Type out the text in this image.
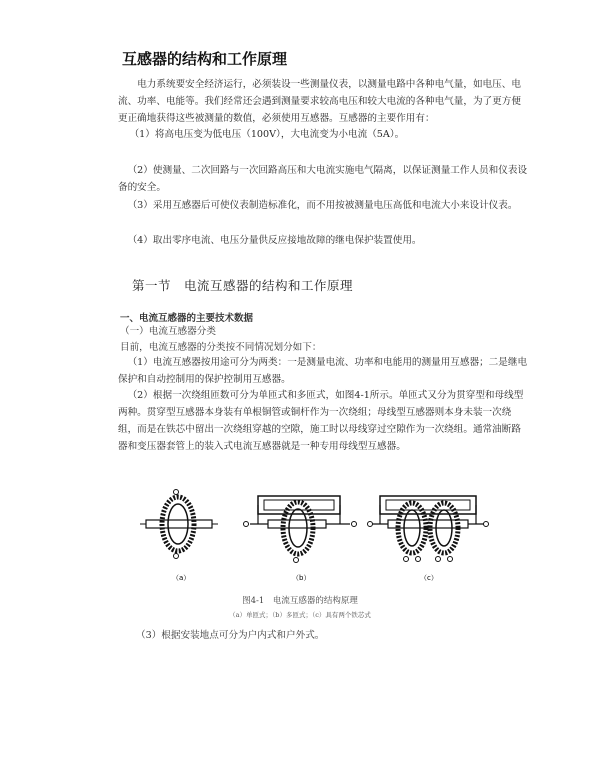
互感器的结构和工作原理
电力系统要安全经济运行，必须装设一些测量仪表，以测量电路中各种电气量，如电压、电流、功率、电能等。我们经常还会遇到测量要求较高电压和较大电流的各种电气量，为了更方便更正确地获得这些被测量的数值，必须使用互感器。互感器的主要作用有：
（1）将高电压变为低电压（100V），大电流变为小电流（5A）。
（2）使测量、二次回路与一次回路高压和大电流实施电气隔离，以保证测量工作人员和仪表设备的安全。
（3）采用互感器后可使仪表制造标准化，而不用按被测量电压高低和电流大小来设计仪表。
（4）取出零序电流、电压分量供反应接地故障的继电保护装置使用。
第一节　电流互感器的结构和工作原理
一、电流互感器的主要技术数据
（一）电流互感器分类
目前，电流互感器的分类按不同情况划分如下：
（1）电流互感器按用途可分为两类：一是测量电流、功率和电能用的测量用互感器；二是继电保护和自动控制用的保护控制用互感器。
（2）根据一次绕组匝数可分为单匝式和多匝式，如图4-1所示。单匝式又分为贯穿型和母线型两种。贯穿型互感器本身装有单根铜管或铜杆作为一次绕组；母线型互感器则本身未装一次绕组，而是在铁芯中留出一次绕组穿越的空隙，施工时以母线穿过空隙作为一次绕组。通常油断路器和变压器套管上的装入式电流互感器就是一种专用母线型互感器。
（a）	（b）	（c）
图4-1　电流互感器的结构原理
（a）单匝式；（b）多匝式；（c）具有两个铁芯式
（3）根据安装地点可分为户内式和户外式。
